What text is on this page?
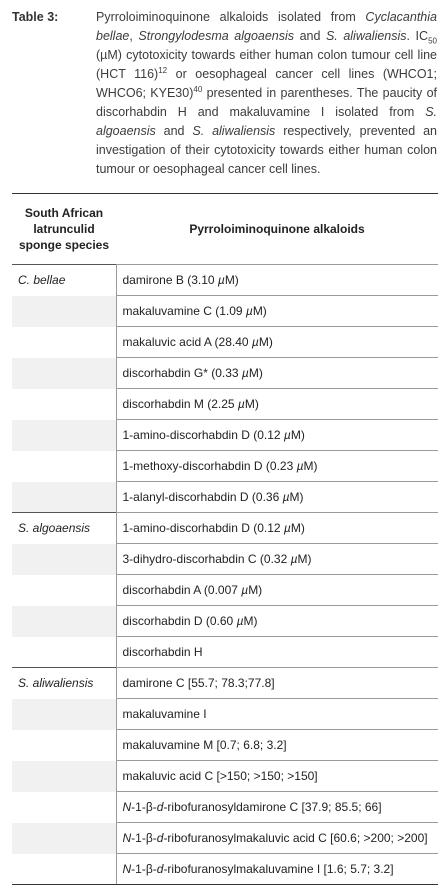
Table 3:	Pyrroloiminoquinone alkaloids isolated from Cyclacanthia bellae, Strongylodesma algoaensis and S. aliwaliensis. $IC_{50}$ (µM) cytotoxicity towards either human colon tumour cell line (HCT 116)$^{12}$ or oesophageal cancer cell lines (WHCO1; WHCO6; KYE30)$^{40}$ presented in parentheses. The paucity of discorhabdin H and makaluvamine I isolated from S. algoaensis and S. aliwaliensis respectively, prevented an investigation of their cytotoxicity towards either human colon tumour or oesophageal cancer cell lines.
South African latrunculid sponge species	Pyrroloiminoquinone alkaloids
C. bellae	damirone B (3.10 µM)
	makaluvamine C (1.09 µM)
	makaluvic acid A (28.40 µM)
	discorhabdin G* (0.33 µM)
	discorhabdin M (2.25 µM)
	1-amino-discorhabdin D (0.12 µM)
	1-methoxy-discorhabdin D (0.23 µM)
	1-alanyl-discorhabdin D (0.36 µM)
S. algoaensis	1-amino-discorhabdin D (0.12 µM)
	3-dihydro-discorhabdin C (0.32 µM)
	discorhabdin A (0.007 µM)
	discorhabdin D (0.60 µM)
	discorhabdin H
S. aliwaliensis	damirone C [55.7; 78.3;77.8]
	makaluvamine I
	makaluvamine M [0.7; 6.8; 3.2]
	makaluvic acid C [>150; >150; >150]
	N-1-β-d-ribofuranosyldamirone C [37.9; 85.5; 66]
	N-1-β-d-ribofuranosylmakaluvic acid C [60.6; >200; >200]
	N-1-β-d-ribofuranosylmakaluvamine I [1.6; 5.7; 3.2]
